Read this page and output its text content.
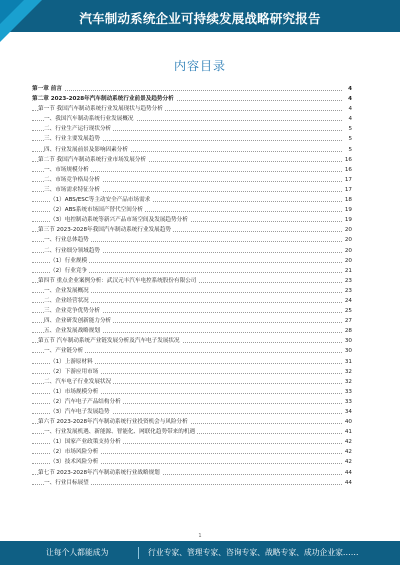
汽车制动系统企业可持续发展战略研究报告
内容目录
第一章 前言	4
第二章 2023-2028年汽车制动系统行业前景及趋势分析	4
第一节 我国汽车制动系统行业发展现状与趋势分析	4
一、我国汽车制动系统行业发展概况	4
二、行业生产运行现状分析	5
三、行业主要发展趋势	5
四、行业发展前景及影响因素分析	5
第二节 我国汽车制动系统行业市场发展分析	16
一、市场规模分析	16
二、市场竞争格局分析	17
三、市场需求特征分析	17
（1）ABS/ESC等主动安全产品市场需求	18
（2）ABS系统市场国产替代空间分析	19
（3）电控制动系统等新兴产品市场空间及发展趋势分析	19
第三节 2023-2028年我国汽车制动系统行业发展趋势	20
一、行业总体趋势	20
二、行业细分领域趋势	20
（1）行业规模	20
（2）行业竞争	21
第四节 重点企业案例分析：武汉元丰汽车电控系统股份有限公司	23
一、企业发展概况	23
二、企业经营状况	24
三、企业竞争优势分析	25
四、企业研发创新能力分析	27
五、企业发展战略规划	28
第五节 汽车制动系统产业链发展分析及汽车电子发展状况	30
一、产业链分析	30
（1）上游原材料	31
（2）下游应用市场	32
二、汽车电子行业发展状况	32
（1）市场规模分析	33
（2）汽车电子产品结构分析	33
（3）汽车电子发展趋势	34
第六节 2023-2028年汽车制动系统行业投资机会与风险分析	40
一、行业发展机遇、新能源、智能化、网联化趋势带来的机遇	41
（1）国家产业政策支持分析	42
（2）市场风险分析	42
（3）技术风险分析	42
第七节 2023-2028年汽车制动系统行业战略规划	44
一、行业目标展望	44
1
让每个人都能成为	行业专家、管理专家、咨询专家、战略专家、成功企业家……
